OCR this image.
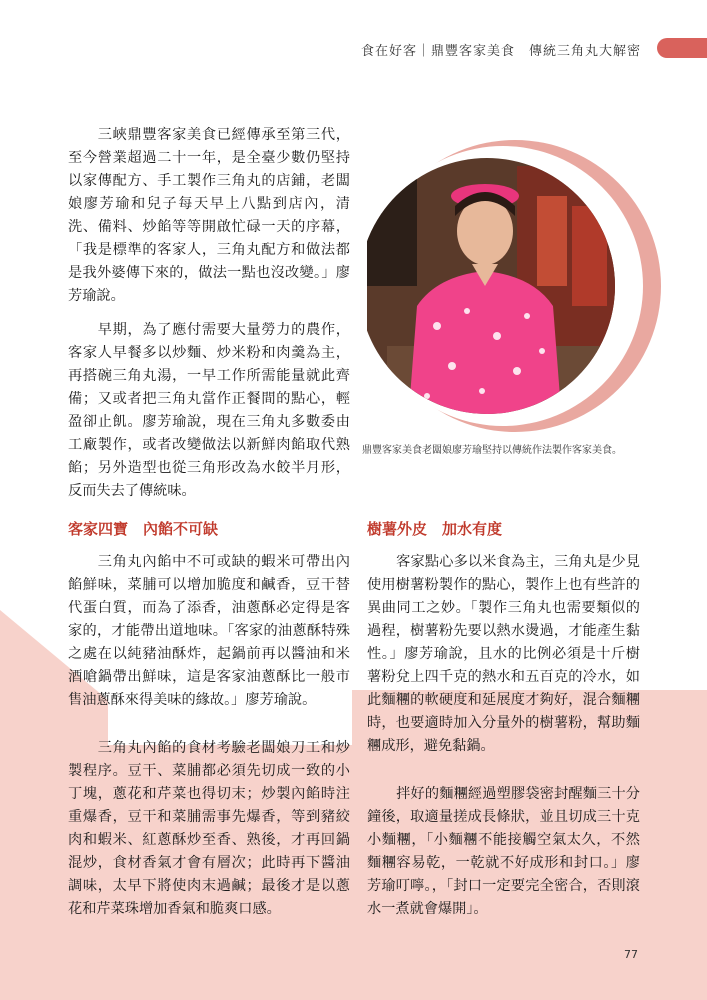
食在好客｜鼎豐客家美食　傳統三角丸大解密

三峽鼎豐客家美食已經傳承至第三代，至今營業超過二十一年，是全臺少數仍堅持以家傳配方、手工製作三角丸的店鋪，老闆娘廖芳瑜和兒子每天早上八點到店內，清洗、備料、炒餡等等開啟忙碌一天的序幕，「我是標準的客家人，三角丸配方和做法都是我外婆傳下來的，做法一點也沒改變。」廖芳瑜說。

早期，為了應付需要大量勞力的農作，客家人早餐多以炒麵、炒米粉和肉羹為主，再搭碗三角丸湯，一早工作所需能量就此齊備；又或者把三角丸當作正餐間的點心，輕盈卻止飢。廖芳瑜說，現在三角丸多數委由工廠製作，或者改變做法以新鮮肉餡取代熟餡；另外造型也從三角形改為水餃半月形，反而失去了傳統味。

鼎豐客家美食老闆娘廖芳瑜堅持以傳統作法製作客家美食。
客家四寶　內餡不可缺

三角丸內餡中不可或缺的蝦米可帶出內餡鮮味，菜脯可以增加脆度和鹹香，豆干替代蛋白質，而為了添香，油蔥酥必定得是客家的，才能帶出道地味。「客家的油蔥酥特殊之處在以純豬油酥炸，起鍋前再以醬油和米酒嗆鍋帶出鮮味，這是客家油蔥酥比一般市售油蔥酥來得美味的緣故。」廖芳瑜說。

三角丸內餡的食材考驗老闆娘刀工和炒製程序。豆干、菜脯都必須先切成一致的小丁塊，蔥花和芹菜也得切末；炒製內餡時注重爆香，豆干和菜脯需事先爆香，等到豬絞肉和蝦米、紅蔥酥炒至香、熟後，才再回鍋混炒，食材香氣才會有層次；此時再下醬油調味，太早下將使肉末過鹹；最後才是以蔥花和芹菜珠增加香氣和脆爽口感。

樹薯外皮　加水有度

客家點心多以米食為主，三角丸是少見使用樹薯粉製作的點心，製作上也有些許的異曲同工之妙。「製作三角丸也需要類似的過程，樹薯粉先要以熱水燙過，才能產生黏性。」廖芳瑜說，且水的比例必須是十斤樹薯粉兌上四千克的熱水和五百克的冷水，如此麵糰的軟硬度和延展度才夠好，混合麵糰時，也要適時加入分量外的樹薯粉，幫助麵糰成形，避免黏鍋。

拌好的麵糰經過塑膠袋密封醒麵三十分鐘後，取適量搓成長條狀，並且切成三十克小麵糰，「小麵糰不能接觸空氣太久，不然麵糰容易乾，一乾就不好成形和封口。」廖芳瑜叮嚀。，「封口一定要完全密合，否則滾水一煮就會爆開」。

77
